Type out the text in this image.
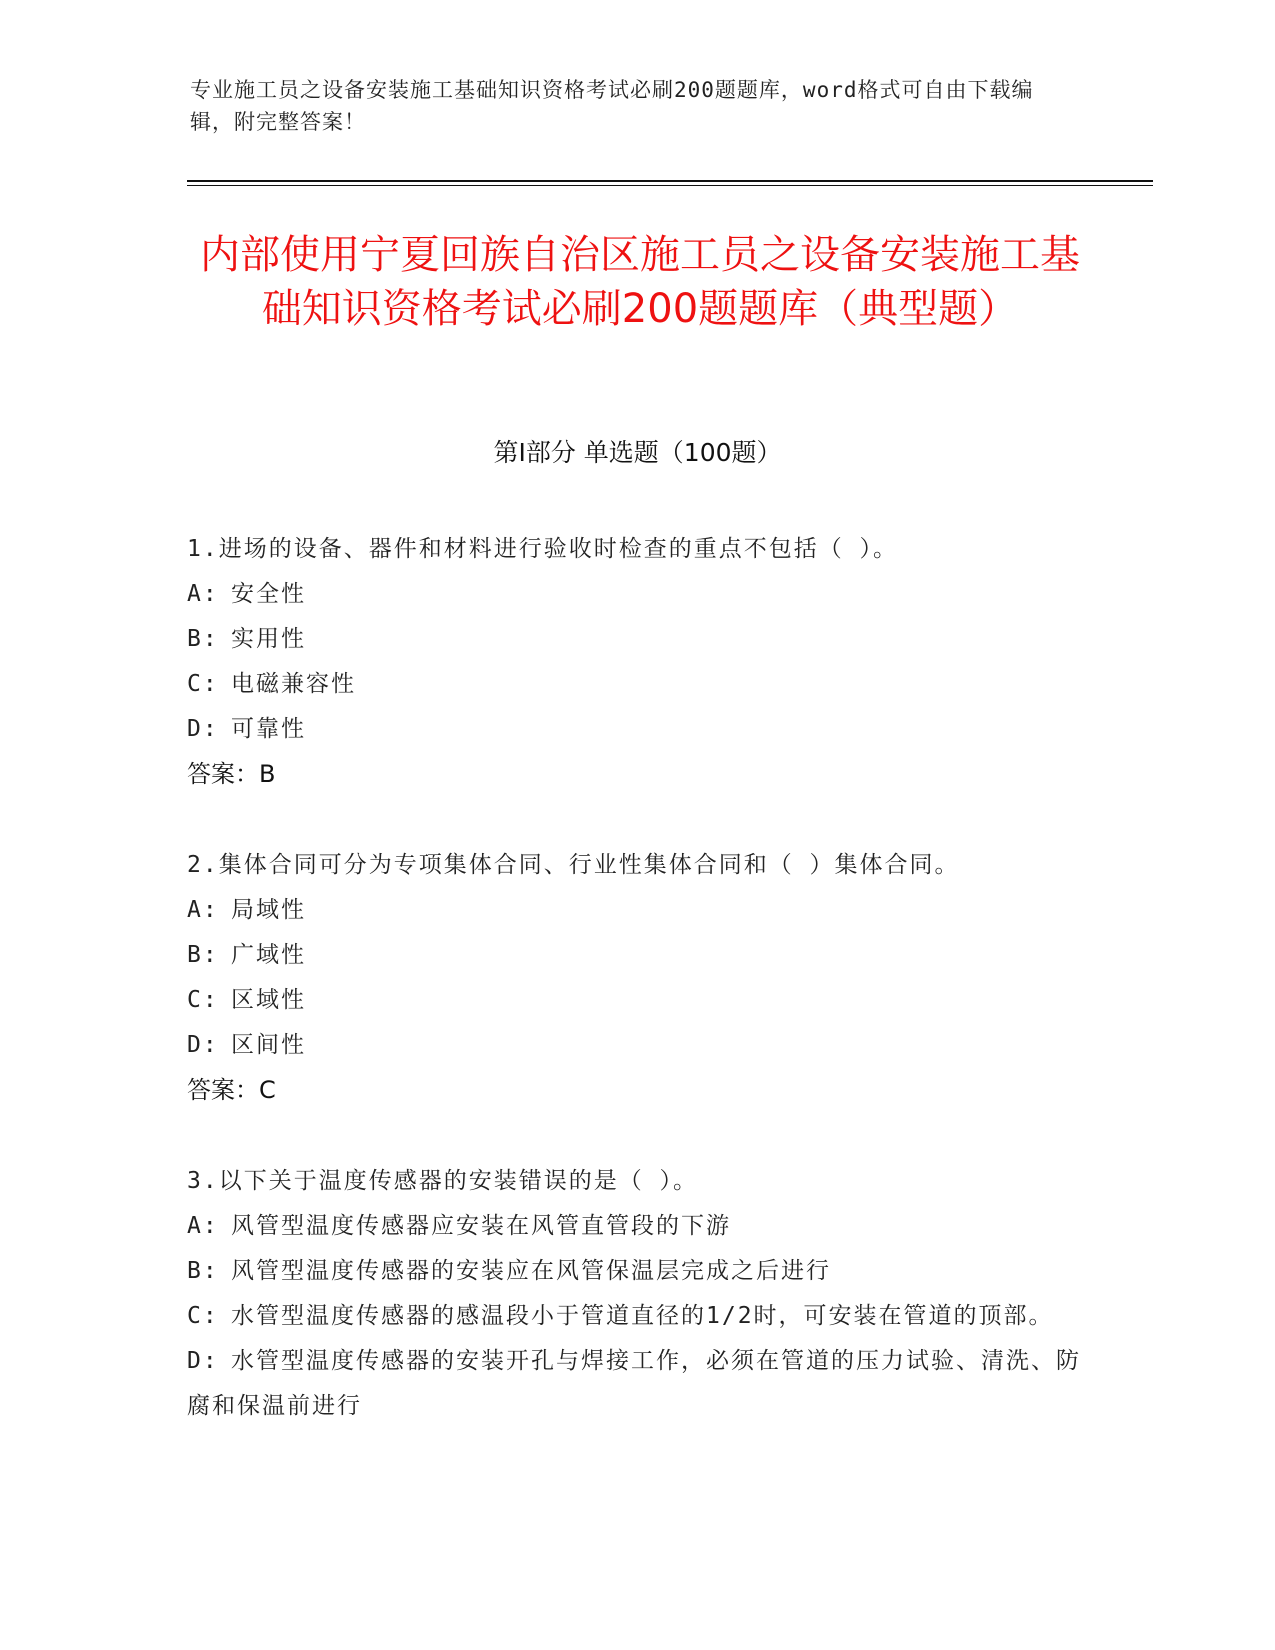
专业施工员之设备安装施工基础知识资格考试必刷200题题库，word格式可自由下载编辑，附完整答案！
内部使用宁夏回族自治区施工员之设备安装施工基础知识资格考试必刷200题题库（典型题）
第Ⅰ部分 单选题（100题）

1.进场的设备、器件和材料进行验收时检查的重点不包括（ ）。

A: 安全性

B: 实用性

C: 电磁兼容性

D: 可靠性

答案：B

2.集体合同可分为专项集体合同、行业性集体合同和（ ）集体合同。

A: 局域性

B: 广域性

C: 区域性

D: 区间性

答案：C

3.以下关于温度传感器的安装错误的是（ ）。

A: 风管型温度传感器应安装在风管直管段的下游

B: 风管型温度传感器的安装应在风管保温层完成之后进行

C: 水管型温度传感器的感温段小于管道直径的1/2时，可安装在管道的顶部。

D: 水管型温度传感器的安装开孔与焊接工作，必须在管道的压力试验、清洗、防腐和保温前进行
